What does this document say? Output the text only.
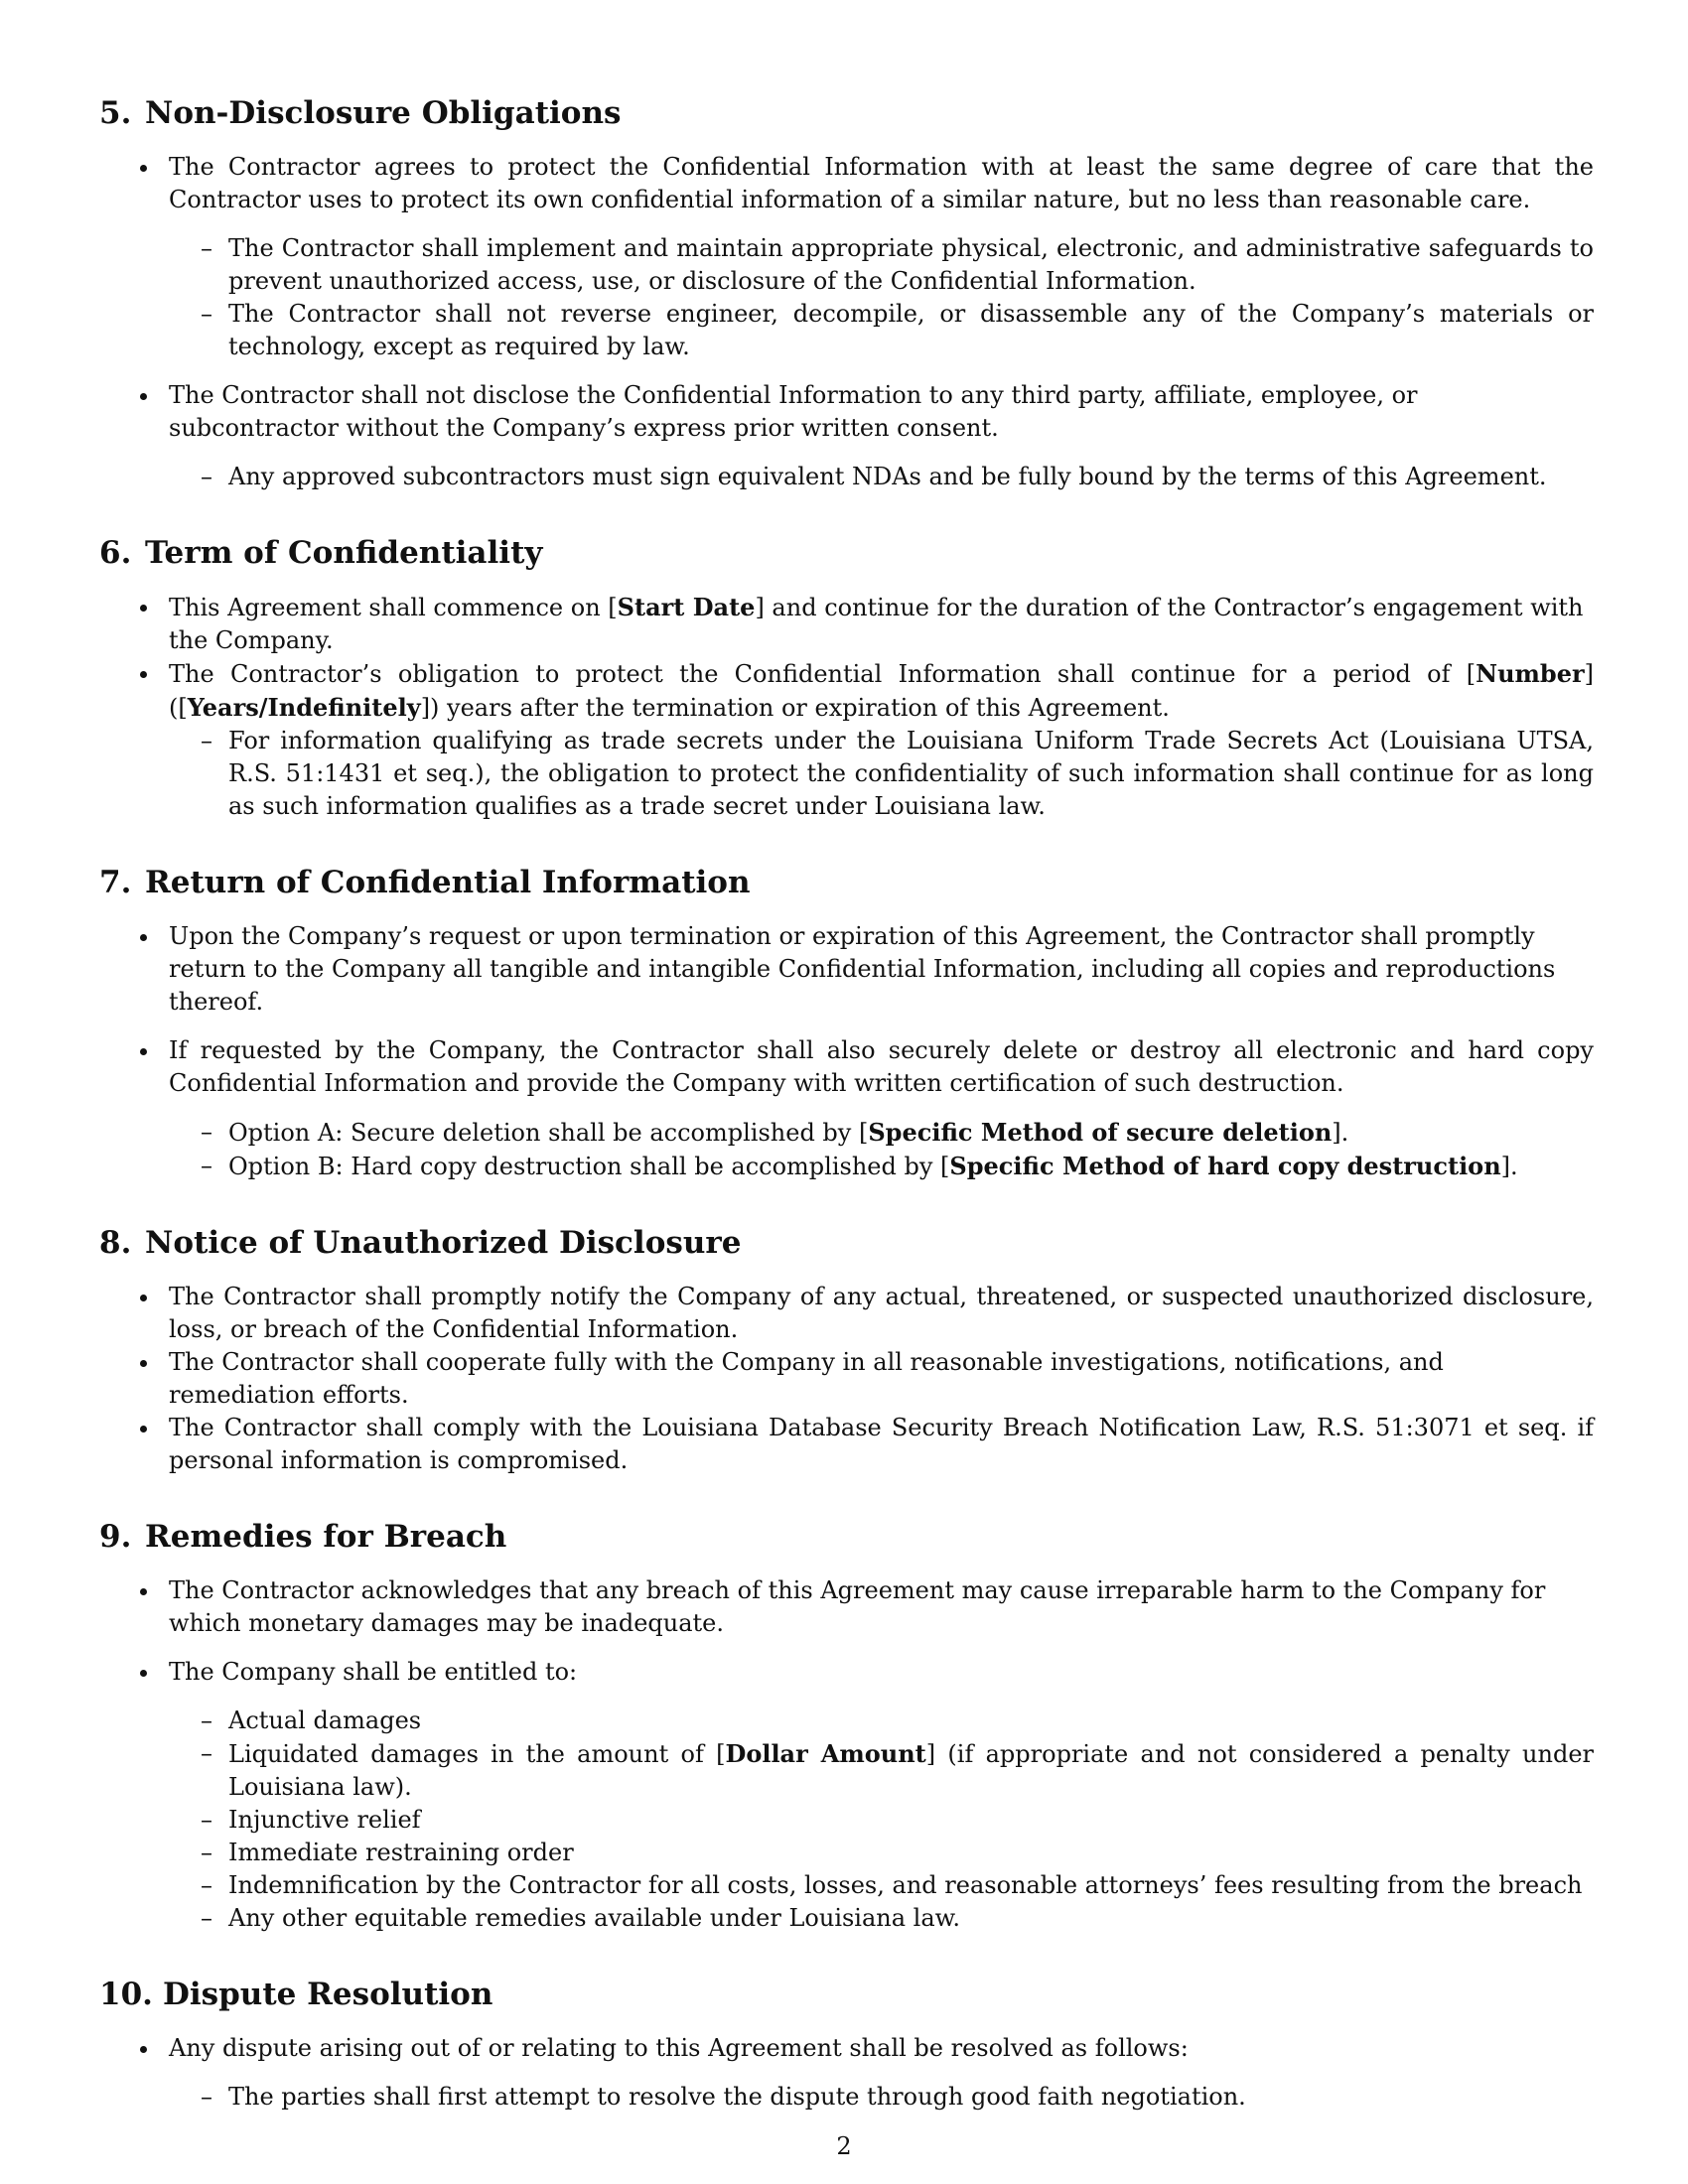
5. Non-Disclosure Obligations
The Contractor agrees to protect the Confidential Information with at least the same degree of care that the Contractor uses to protect its own confidential information of a similar nature, but no less than reasonable care.
– The Contractor shall implement and maintain appropriate physical, electronic, and administrative safeguards to prevent unauthorized access, use, or disclosure of the Confidential Information.
– The Contractor shall not reverse engineer, decompile, or disassemble any of the Company’s materials or technology, except as required by law.
The Contractor shall not disclose the Confidential Information to any third party, affiliate, employee, or subcontractor without the Company’s express prior written consent.
– Any approved subcontractors must sign equivalent NDAs and be fully bound by the terms of this Agreement.
6. Term of Confidentiality
This Agreement shall commence on [Start Date] and continue for the duration of the Contractor’s engagement with the Company.
The Contractor’s obligation to protect the Confidential Information shall continue for a period of [Number] ([Years/Indefinitely]) years after the termination or expiration of this Agreement.
– For information qualifying as trade secrets under the Louisiana Uniform Trade Secrets Act (Louisiana UTSA, R.S. 51:1431 et seq.), the obligation to protect the confidentiality of such information shall continue for as long as such information qualifies as a trade secret under Louisiana law.
7. Return of Confidential Information
Upon the Company’s request or upon termination or expiration of this Agreement, the Contractor shall promptly return to the Company all tangible and intangible Confidential Information, including all copies and reproductions thereof.
If requested by the Company, the Contractor shall also securely delete or destroy all electronic and hard copy Confidential Information and provide the Company with written certification of such destruction.
– Option A: Secure deletion shall be accomplished by [Specific Method of secure deletion].
– Option B: Hard copy destruction shall be accomplished by [Specific Method of hard copy destruction].
8. Notice of Unauthorized Disclosure
The Contractor shall promptly notify the Company of any actual, threatened, or suspected unauthorized disclosure, loss, or breach of the Confidential Information.
The Contractor shall cooperate fully with the Company in all reasonable investigations, notifications, and remediation efforts.
The Contractor shall comply with the Louisiana Database Security Breach Notification Law, R.S. 51:3071 et seq. if personal information is compromised.
9. Remedies for Breach
The Contractor acknowledges that any breach of this Agreement may cause irreparable harm to the Company for which monetary damages may be inadequate.
The Company shall be entitled to:
– Actual damages
– Liquidated damages in the amount of [Dollar Amount] (if appropriate and not considered a penalty under Louisiana law).
– Injunctive relief
– Immediate restraining order
– Indemnification by the Contractor for all costs, losses, and reasonable attorneys’ fees resulting from the breach
– Any other equitable remedies available under Louisiana law.
10. Dispute Resolution
Any dispute arising out of or relating to this Agreement shall be resolved as follows:
– The parties shall first attempt to resolve the dispute through good faith negotiation.
2
